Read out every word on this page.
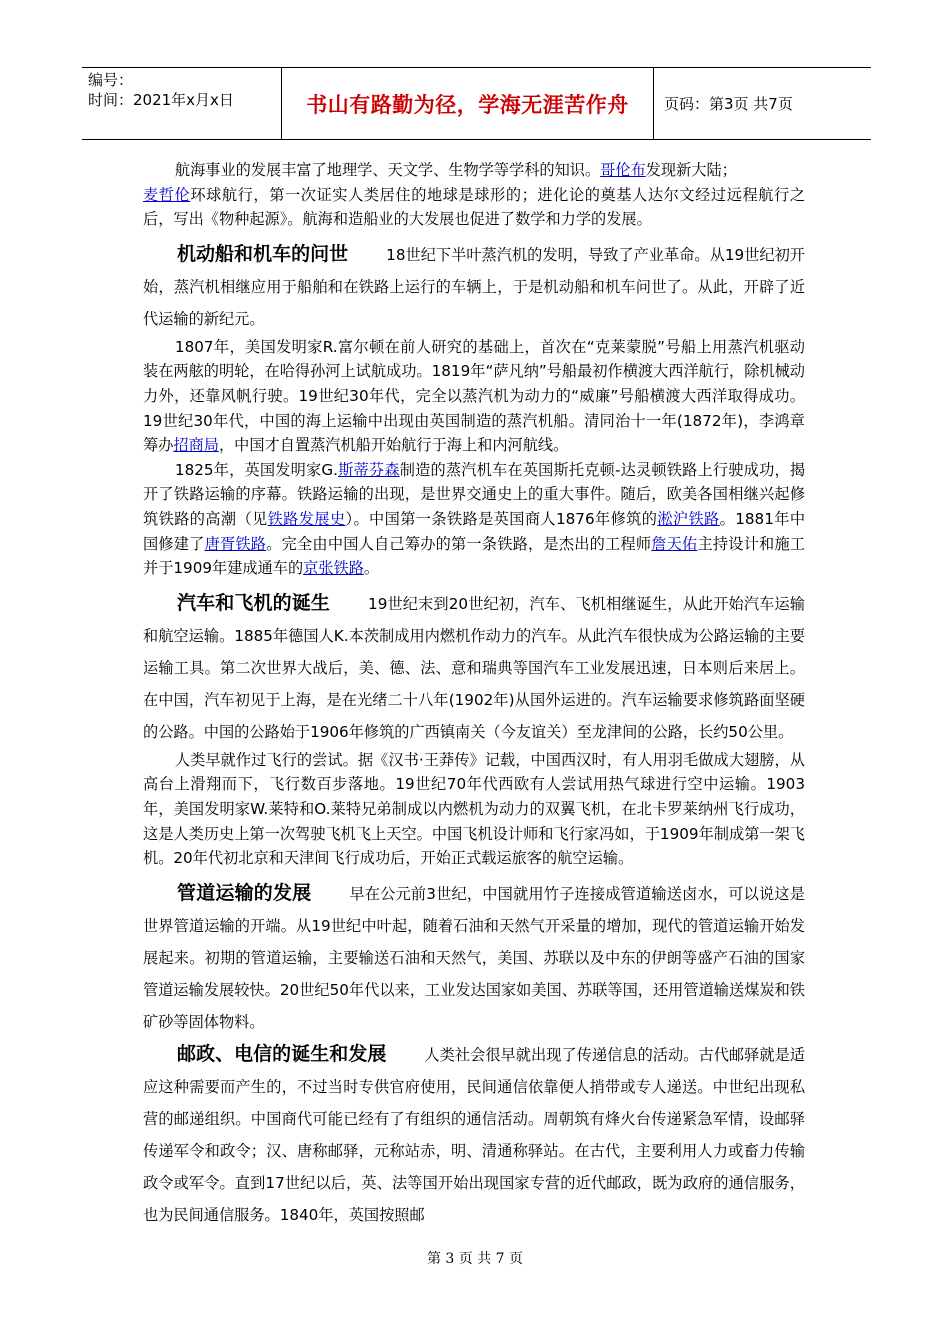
编号：
时间：2021年x月x日	书山有路勤为径，学海无涯苦作舟	页码：第3页 共7页

航海事业的发展丰富了地理学、天文学、生物学等学科的知识。哥伦布发现新大陆；
麦哲伦环球航行，第一次证实人类居住的地球是球形的；进化论的奠基人达尔文经过远程航行之后，写出《物种起源》。航海和造船业的大发展也促进了数学和力学的发展。

机动船和机车的问世	18世纪下半叶蒸汽机的发明，导致了产业革命。从19世纪初开始，蒸汽机相继应用于船舶和在铁路上运行的车辆上，于是机动船和机车问世了。从此，开辟了近代运输的新纪元。

1807年，美国发明家R.富尔顿在前人研究的基础上，首次在“克莱蒙脱”号船上用蒸汽机驱动装在两舷的明轮，在哈得孙河上试航成功。1819年“萨凡纳”号船最初作横渡大西洋航行，除机械动力外，还靠风帆行驶。19世纪30年代，完全以蒸汽机为动力的“威廉”号船横渡大西洋取得成功。19世纪30年代，中国的海上运输中出现由英国制造的蒸汽机船。清同治十一年(1872年)，李鸿章筹办招商局，中国才自置蒸汽机船开始航行于海上和内河航线。

1825年，英国发明家G.斯蒂芬森制造的蒸汽机车在英国斯托克顿-达灵顿铁路上行驶成功，揭开了铁路运输的序幕。铁路运输的出现，是世界交通史上的重大事件。随后，欧美各国相继兴起修筑铁路的高潮（见铁路发展史）。中国第一条铁路是英国商人1876年修筑的淞沪铁路。1881年中国修建了唐胥铁路。完全由中国人自己筹办的第一条铁路，是杰出的工程师詹天佑主持设计和施工并于1909年建成通车的京张铁路。

汽车和飞机的诞生	19世纪末到20世纪初，汽车、飞机相继诞生，从此开始汽车运输和航空运输。1885年德国人K.本茨制成用内燃机作动力的汽车。从此汽车很快成为公路运输的主要运输工具。第二次世界大战后，美、德、法、意和瑞典等国汽车工业发展迅速，日本则后来居上。在中国，汽车初见于上海，是在光绪二十八年(1902年)从国外运进的。汽车运输要求修筑路面坚硬的公路。中国的公路始于1906年修筑的广西镇南关（今友谊关）至龙津间的公路，长约50公里。

人类早就作过飞行的尝试。据《汉书·王莽传》记载，中国西汉时，有人用羽毛做成大翅膀，从高台上滑翔而下，飞行数百步落地。19世纪70年代西欧有人尝试用热气球进行空中运输。1903年，美国发明家W.莱特和O.莱特兄弟制成以内燃机为动力的双翼飞机，在北卡罗莱纳州飞行成功，这是人类历史上第一次驾驶飞机飞上天空。中国飞机设计师和飞行家冯如，于1909年制成第一架飞机。20年代初北京和天津间飞行成功后，开始正式载运旅客的航空运输。

管道运输的发展	早在公元前3世纪，中国就用竹子连接成管道输送卤水，可以说这是世界管道运输的开端。从19世纪中叶起，随着石油和天然气开采量的增加，现代的管道运输开始发展起来。初期的管道运输，主要输送石油和天然气，美国、苏联以及中东的伊朗等盛产石油的国家管道运输发展较快。20世纪50年代以来，工业发达国家如美国、苏联等国，还用管道输送煤炭和铁矿砂等固体物料。

邮政、电信的诞生和发展	人类社会很早就出现了传递信息的活动。古代邮驿就是适应这种需要而产生的，不过当时专供官府使用，民间通信依靠便人捎带或专人递送。中世纪出现私营的邮递组织。中国商代可能已经有了有组织的通信活动。周朝筑有烽火台传递紧急军情，设邮驿传递军令和政令；汉、唐称邮驿，元称站赤，明、清通称驿站。在古代，主要利用人力或畜力传输政令或军令。直到17世纪以后，英、法等国开始出现国家专营的近代邮政，既为政府的通信服务，也为民间通信服务。1840年，英国按照邮

第 3 页 共 7 页
